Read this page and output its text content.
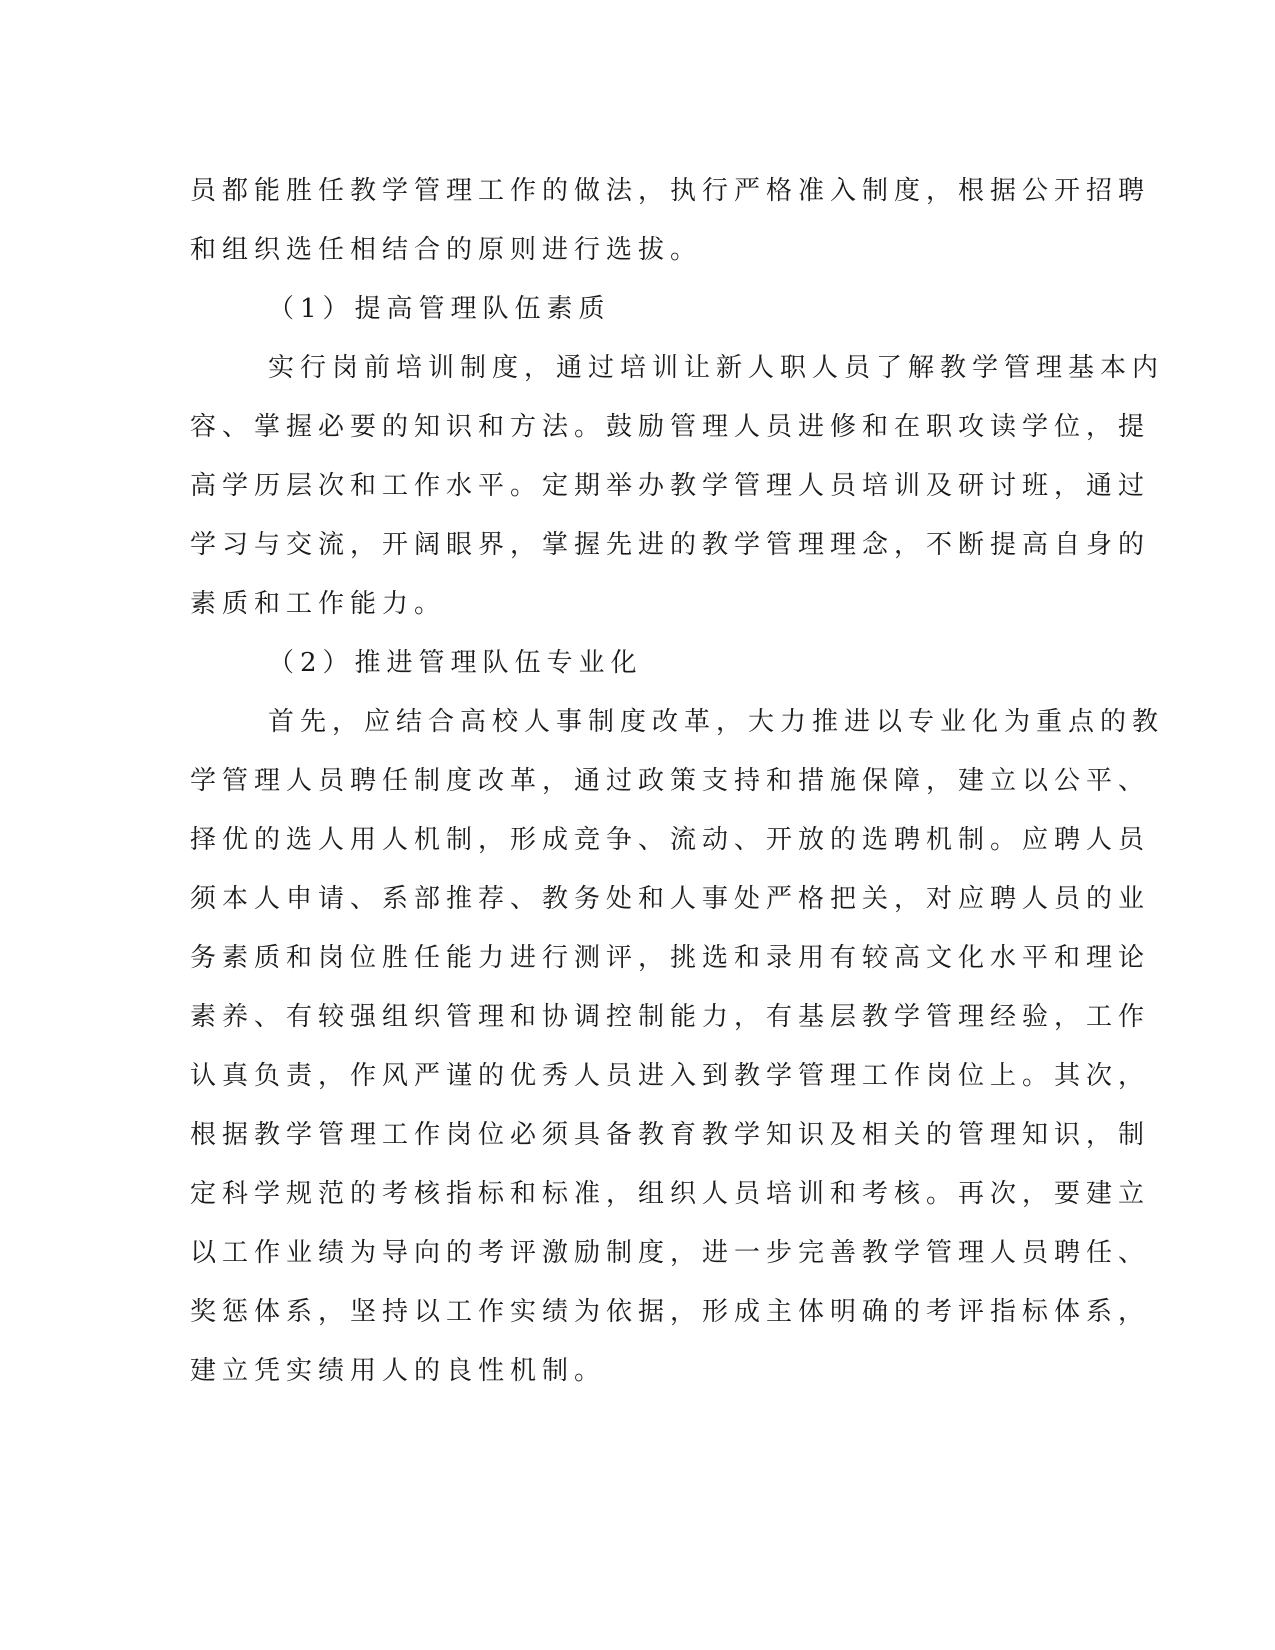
员都能胜任教学管理工作的做法，执行严格准入制度，根据公开招聘
和组织选任相结合的原则进行选拔。
（1）提高管理队伍素质
实行岗前培训制度，通过培训让新人职人员了解教学管理基本内
容、掌握必要的知识和方法。鼓励管理人员进修和在职攻读学位，提
高学历层次和工作水平。定期举办教学管理人员培训及研讨班，通过
学习与交流，开阔眼界，掌握先进的教学管理理念，不断提高自身的
素质和工作能力。
（2）推进管理队伍专业化
首先，应结合高校人事制度改革，大力推进以专业化为重点的教
学管理人员聘任制度改革，通过政策支持和措施保障，建立以公平、
择优的选人用人机制，形成竞争、流动、开放的选聘机制。应聘人员
须本人申请、系部推荐、教务处和人事处严格把关，对应聘人员的业
务素质和岗位胜任能力进行测评，挑选和录用有较高文化水平和理论
素养、有较强组织管理和协调控制能力，有基层教学管理经验，工作
认真负责，作风严谨的优秀人员进入到教学管理工作岗位上。其次，
根据教学管理工作岗位必须具备教育教学知识及相关的管理知识，制
定科学规范的考核指标和标准，组织人员培训和考核。再次，要建立
以工作业绩为导向的考评激励制度，进一步完善教学管理人员聘任、
奖惩体系，坚持以工作实绩为依据，形成主体明确的考评指标体系，
建立凭实绩用人的良性机制。
